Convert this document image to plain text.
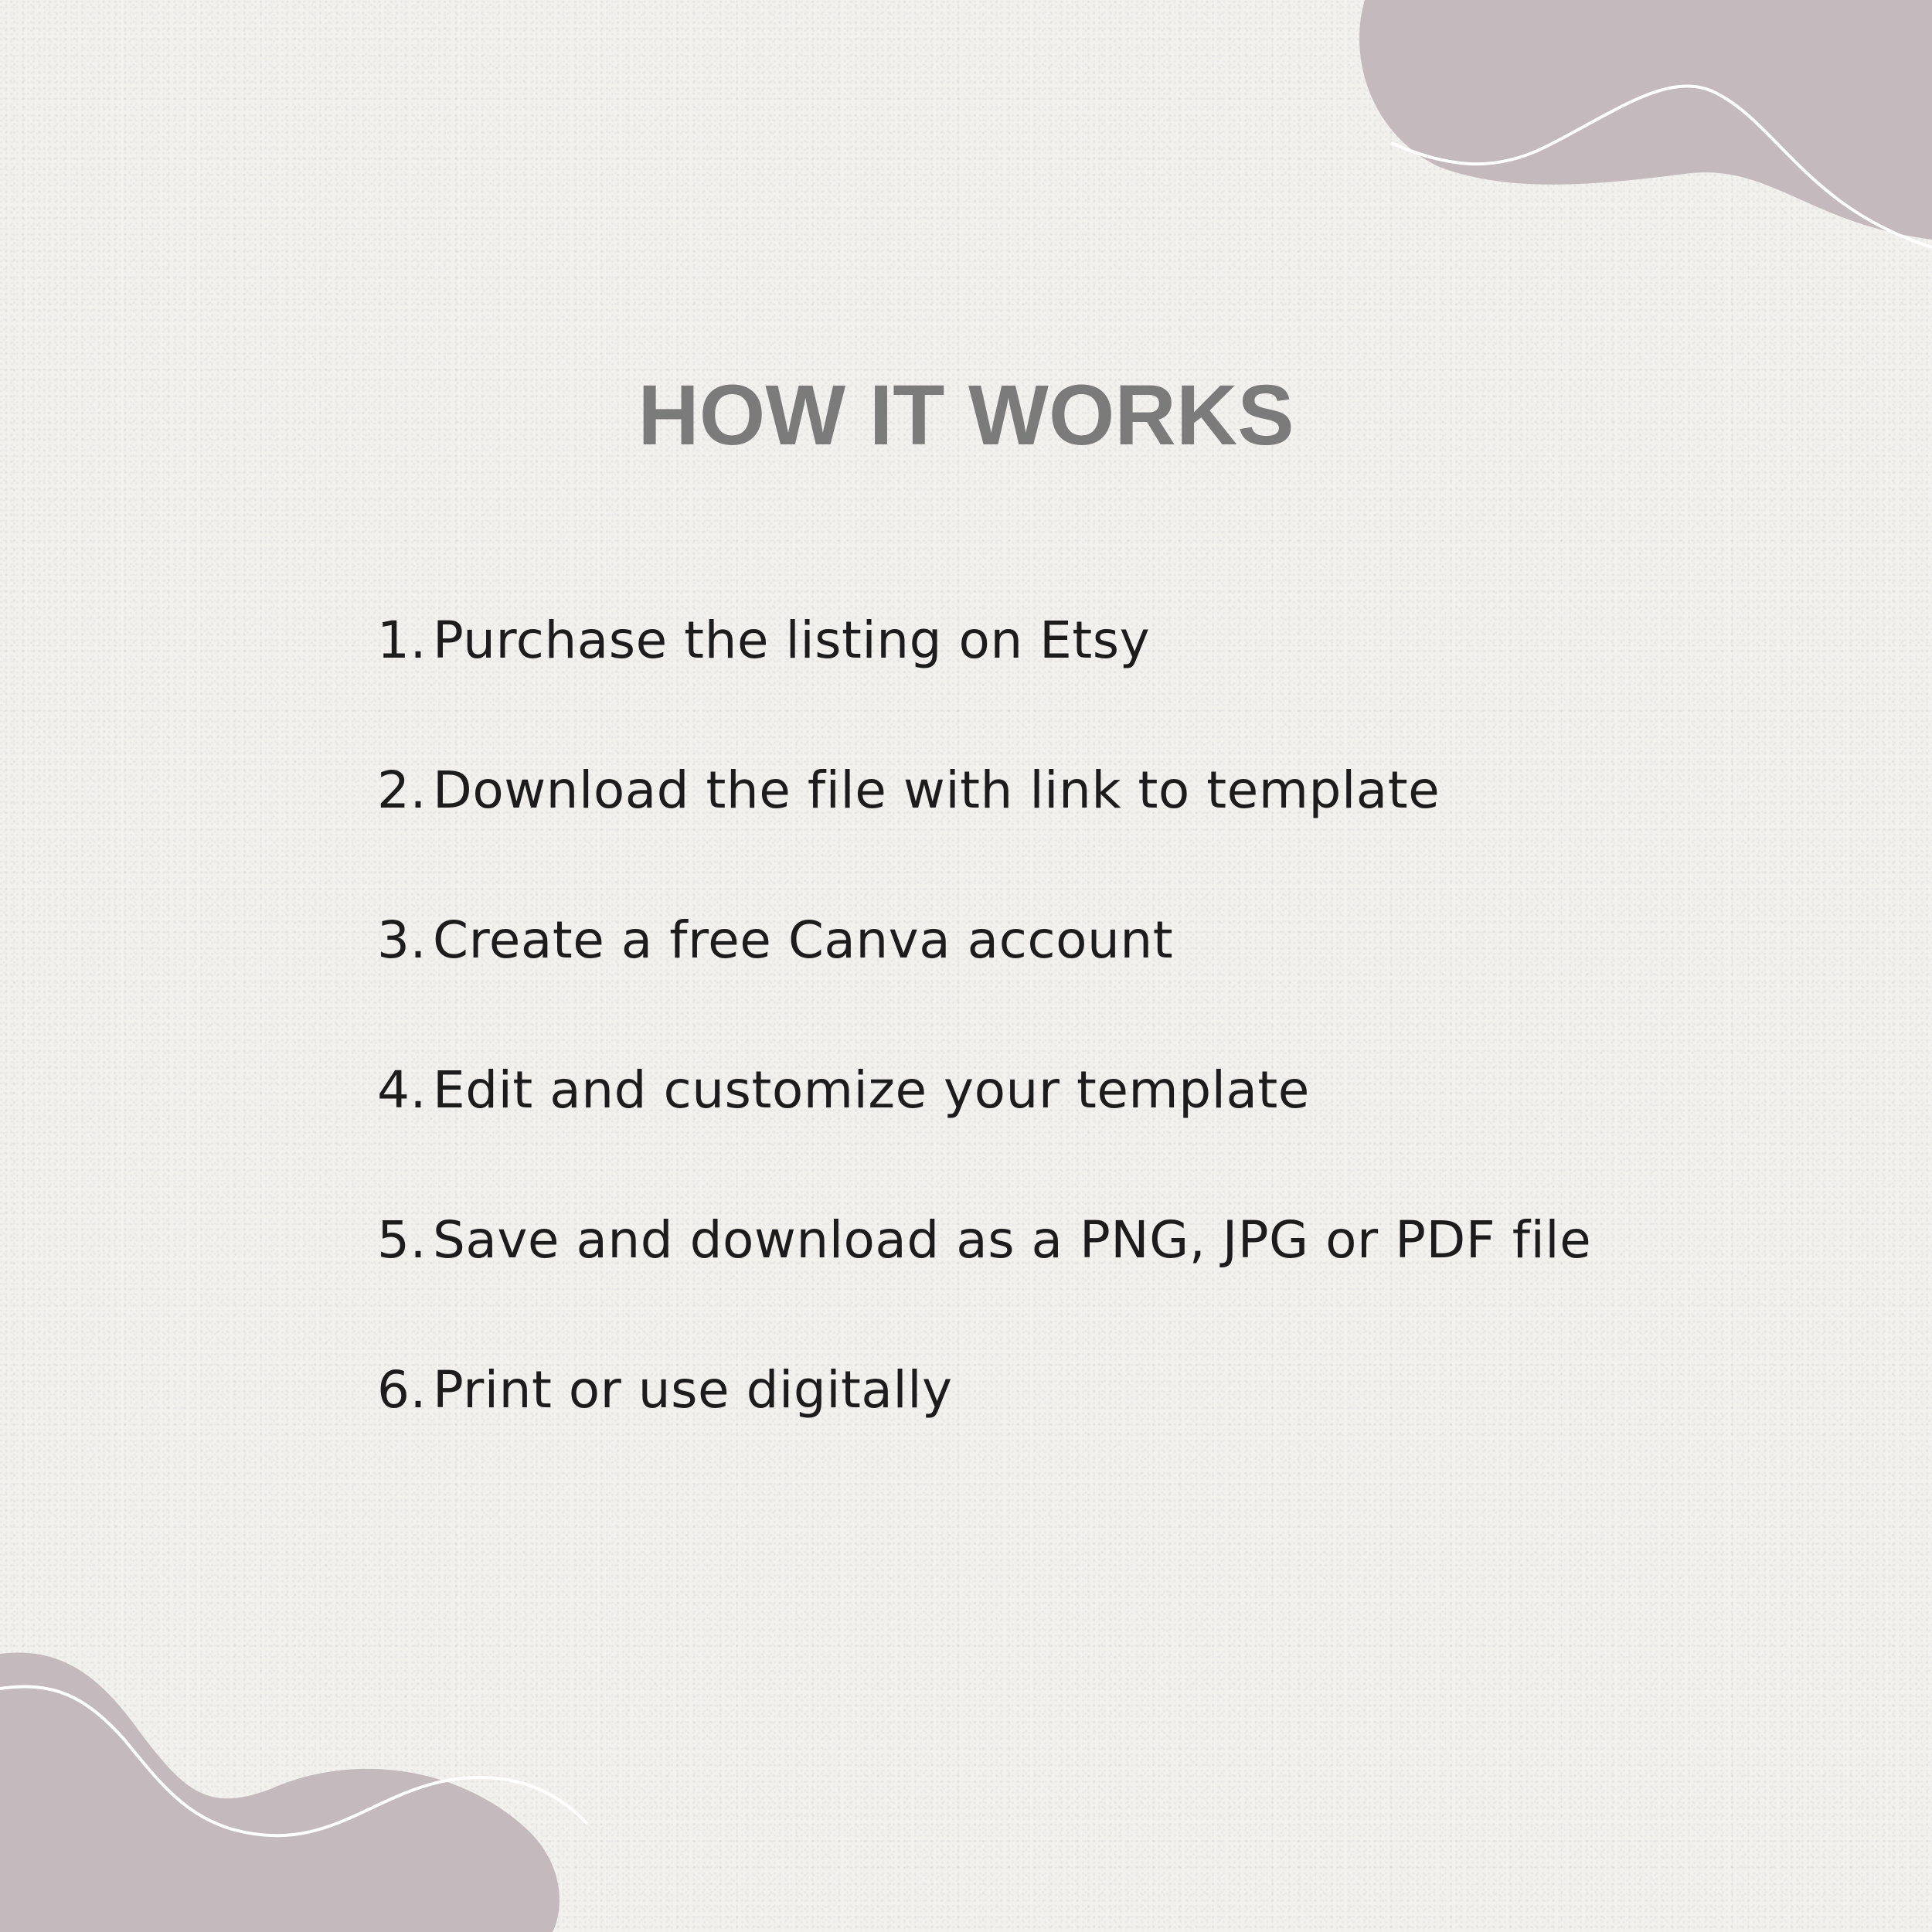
HOW IT WORKS
1. Purchase the listing on Etsy
2. Download the file with link to template
3. Create a free Canva account
4. Edit and customize your template
5. Save and download as a PNG, JPG or PDF file
6. Print or use digitally
